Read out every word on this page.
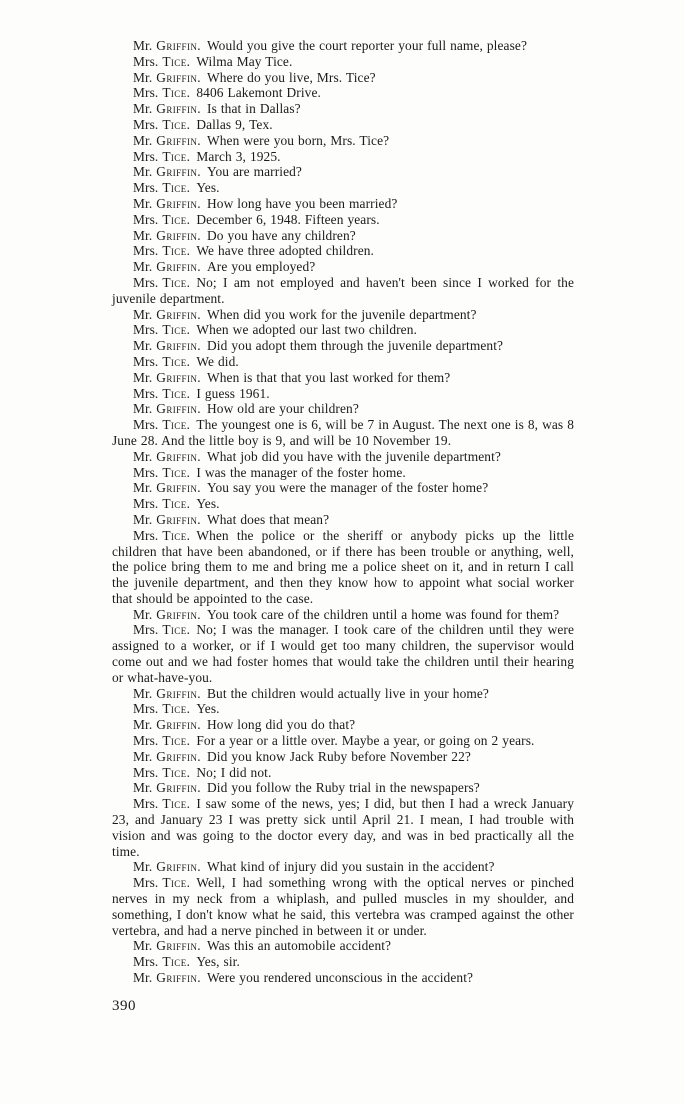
Mr. Griffin. Would you give the court reporter your full name, please?

Mrs. Tice. Wilma May Tice.

Mr. Griffin. Where do you live, Mrs. Tice?

Mrs. Tice. 8406 Lakemont Drive.

Mr. Griffin. Is that in Dallas?

Mrs. Tice. Dallas 9, Tex.

Mr. Griffin. When were you born, Mrs. Tice?

Mrs. Tice. March 3, 1925.

Mr. Griffin. You are married?

Mrs. Tice. Yes.

Mr. Griffin. How long have you been married?

Mrs. Tice. December 6, 1948. Fifteen years.

Mr. Griffin. Do you have any children?

Mrs. Tice. We have three adopted children.

Mr. Griffin. Are you employed?

Mrs. Tice. No; I am not employed and haven't been since I worked for the juvenile department.

Mr. Griffin. When did you work for the juvenile department?

Mrs. Tice. When we adopted our last two children.

Mr. Griffin. Did you adopt them through the juvenile department?

Mrs. Tice. We did.

Mr. Griffin. When is that that you last worked for them?

Mrs. Tice. I guess 1961.

Mr. Griffin. How old are your children?

Mrs. Tice. The youngest one is 6, will be 7 in August. The next one is 8, was 8 June 28. And the little boy is 9, and will be 10 November 19.

Mr. Griffin. What job did you have with the juvenile department?

Mrs. Tice. I was the manager of the foster home.

Mr. Griffin. You say you were the manager of the foster home?

Mrs. Tice. Yes.

Mr. Griffin. What does that mean?

Mrs. Tice. When the police or the sheriff or anybody picks up the little children that have been abandoned, or if there has been trouble or anything, well, the police bring them to me and bring me a police sheet on it, and in return I call the juvenile department, and then they know how to appoint what social worker that should be appointed to the case.

Mr. Griffin. You took care of the children until a home was found for them?

Mrs. Tice. No; I was the manager. I took care of the children until they were assigned to a worker, or if I would get too many children, the supervisor would come out and we had foster homes that would take the children until their hearing or what-have-you.

Mr. Griffin. But the children would actually live in your home?

Mrs. Tice. Yes.

Mr. Griffin. How long did you do that?

Mrs. Tice. For a year or a little over. Maybe a year, or going on 2 years.

Mr. Griffin. Did you know Jack Ruby before November 22?

Mrs. Tice. No; I did not.

Mr. Griffin. Did you follow the Ruby trial in the newspapers?

Mrs. Tice. I saw some of the news, yes; I did, but then I had a wreck January 23, and January 23 I was pretty sick until April 21. I mean, I had trouble with vision and was going to the doctor every day, and was in bed practically all the time.

Mr. Griffin. What kind of injury did you sustain in the accident?

Mrs. Tice. Well, I had something wrong with the optical nerves or pinched nerves in my neck from a whiplash, and pulled muscles in my shoulder, and something, I don't know what he said, this vertebra was cramped against the other vertebra, and had a nerve pinched in between it or under.

Mr. Griffin. Was this an automobile accident?

Mrs. Tice. Yes, sir.

Mr. Griffin. Were you rendered unconscious in the accident?

390
